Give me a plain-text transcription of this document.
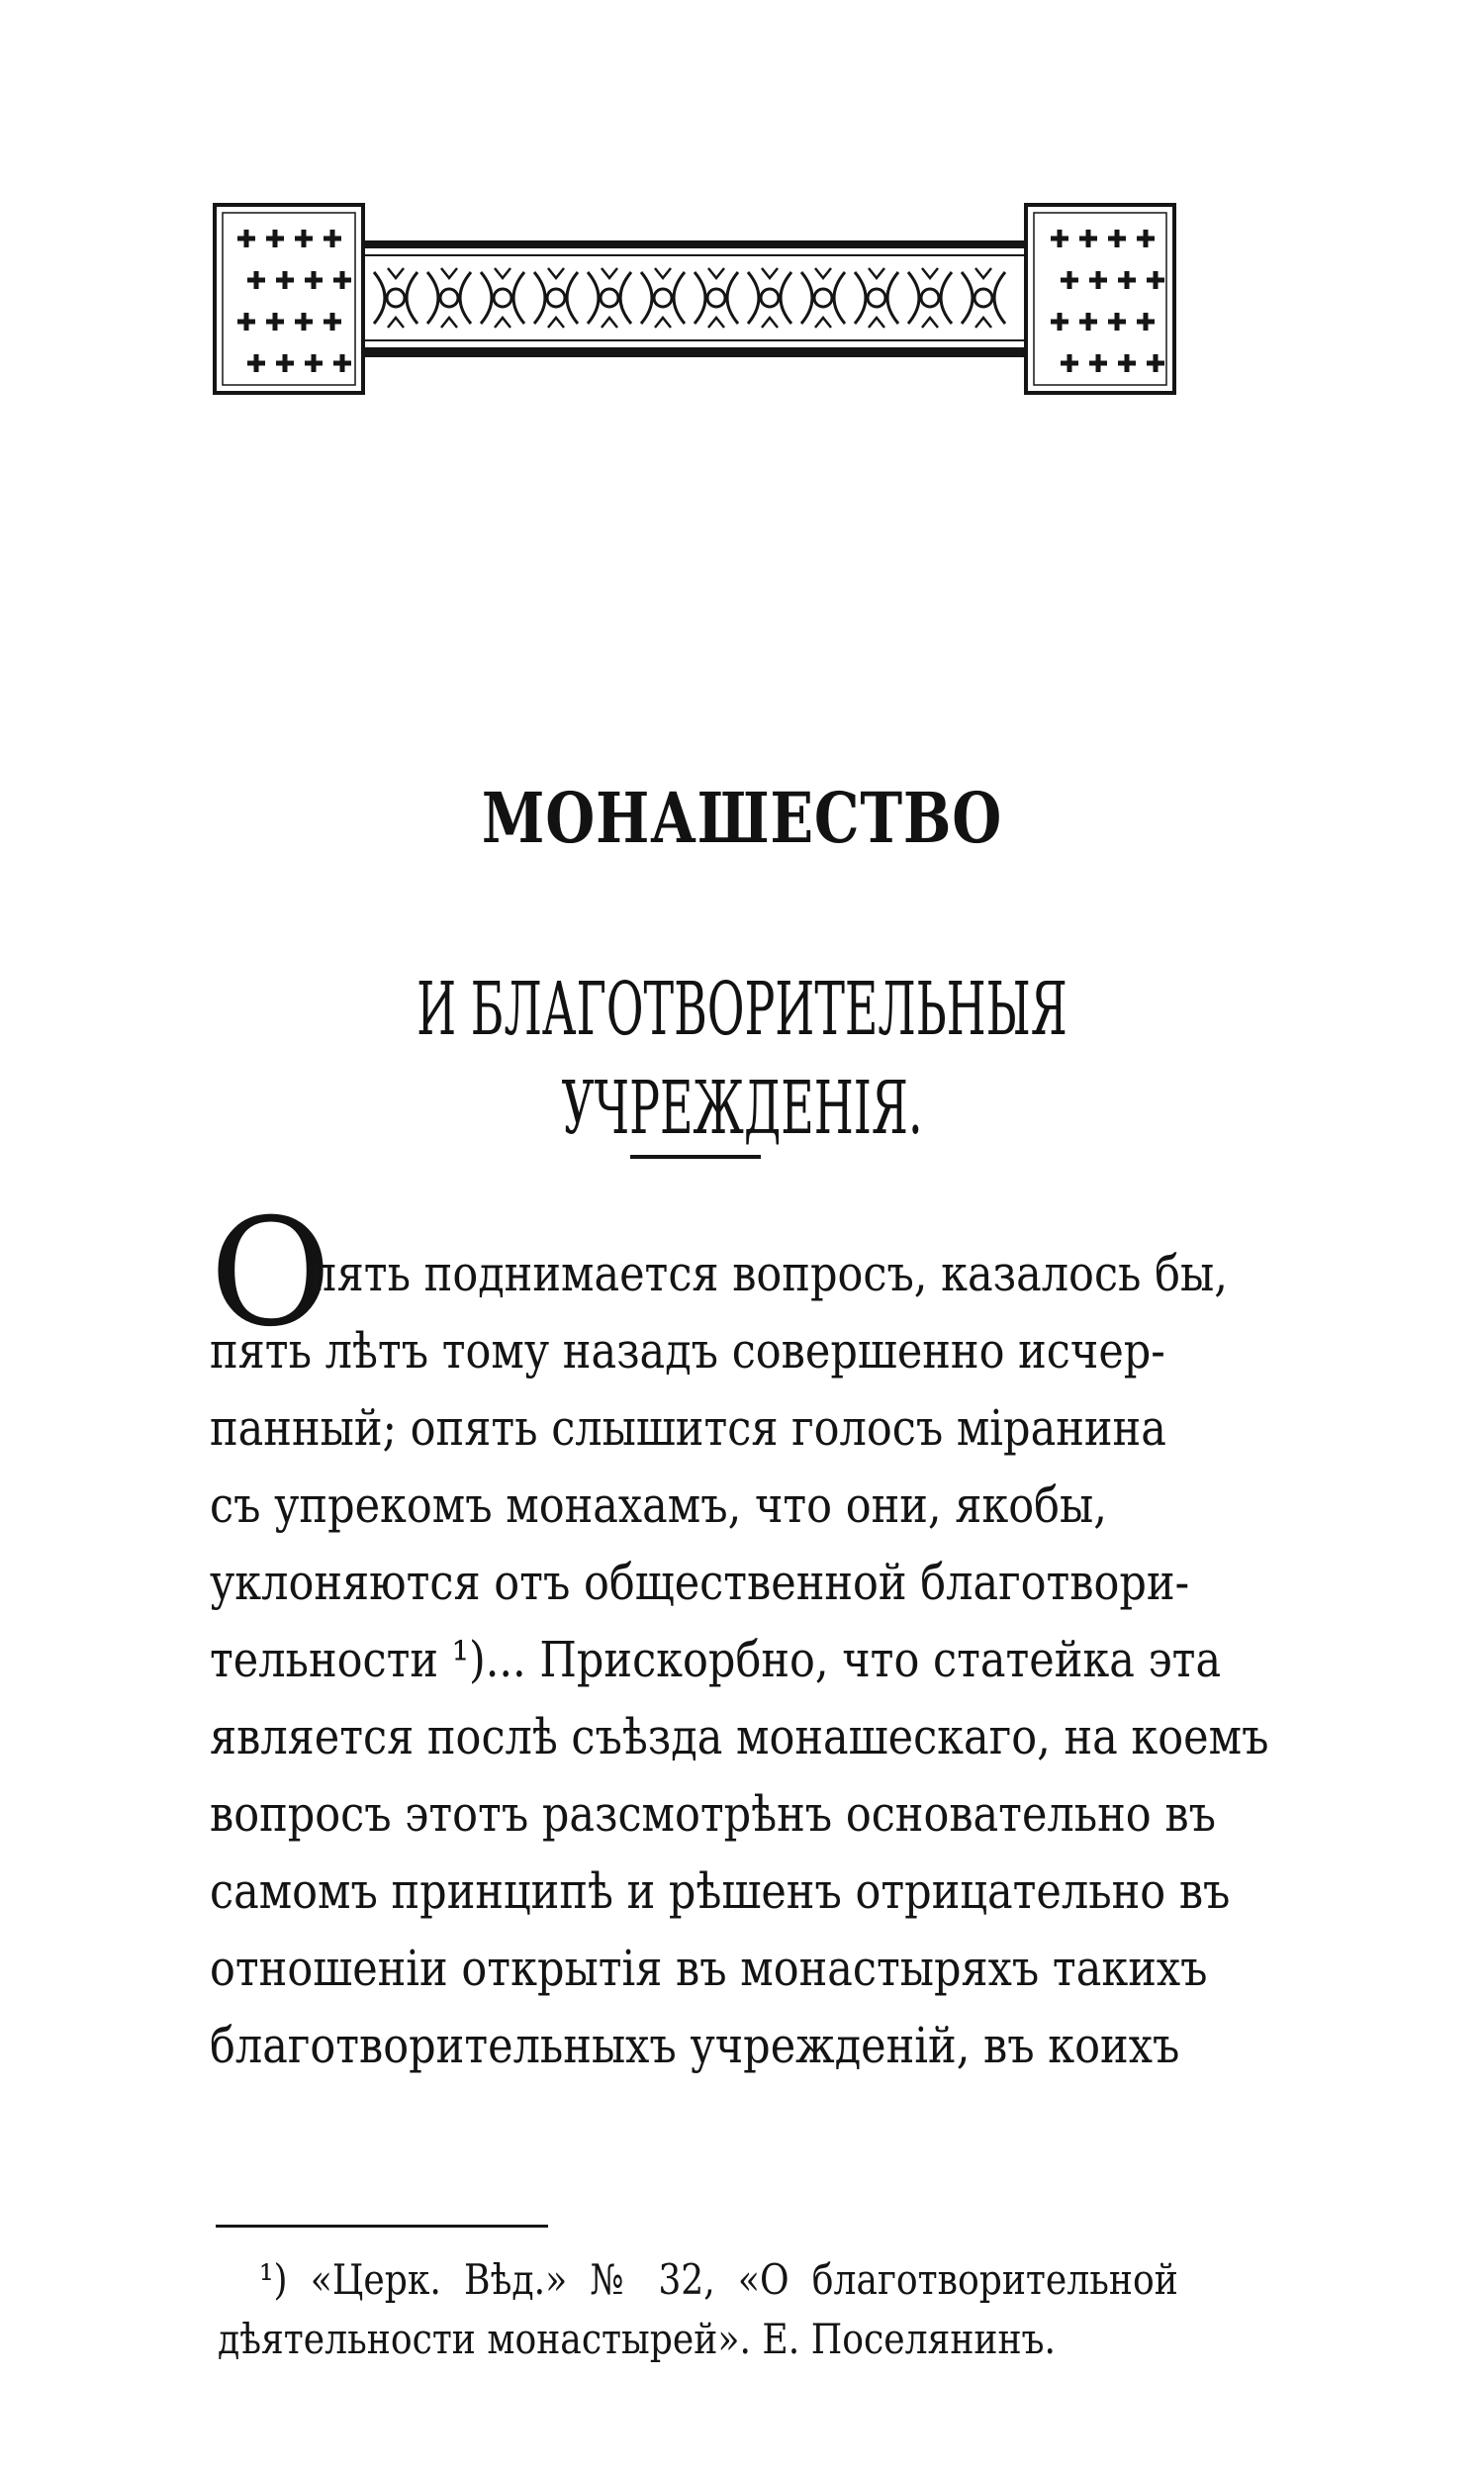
МОНАШЕСТВО
И БЛАГОТВОРИТЕЛЬНЫЯ УЧРЕЖДЕНІЯ.
О
пять поднимается вопросъ, казалось бы,
пять лѣтъ тому назадъ совершенно исчер-
панный; опять слышится голосъ міранина
съ упрекомъ монахамъ, что они, якобы,
уклоняются отъ общественной благотвори-
тельности ¹)... Прискорбно, что статейка эта
является послѣ съѣзда монашескаго, на коемъ
вопросъ этотъ разсмотрѣнъ основательно въ
самомъ принципѣ и рѣшенъ отрицательно въ
отношеніи открытія въ монастыряхъ такихъ
благотворительныхъ учрежденій, въ коихъ
¹) «Церк. Вѣд.» № 32, «О благотворительной
дѣятельности монастырей». Е. Поселянинъ.
